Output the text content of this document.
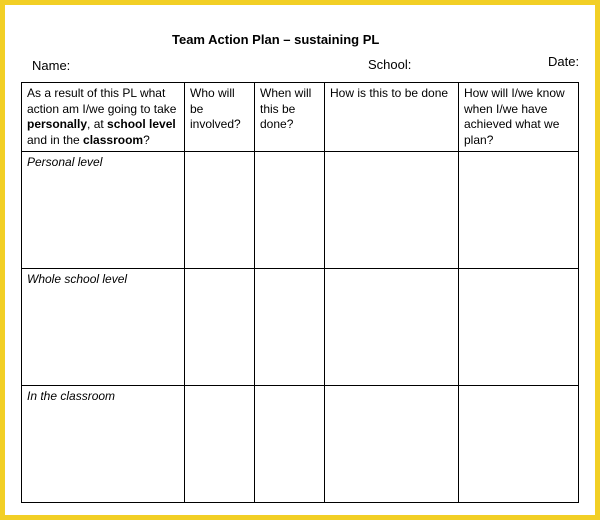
Team Action Plan – sustaining PL
Name:	School:	Date:
As a result of this PL what action am I/we going to take personally, at school level and in the classroom?	Who will be involved?	When will this be done?	How is this to be done	How will I/we know when I/we have achieved what we plan?
Personal level				
Whole school level				
In the classroom				
